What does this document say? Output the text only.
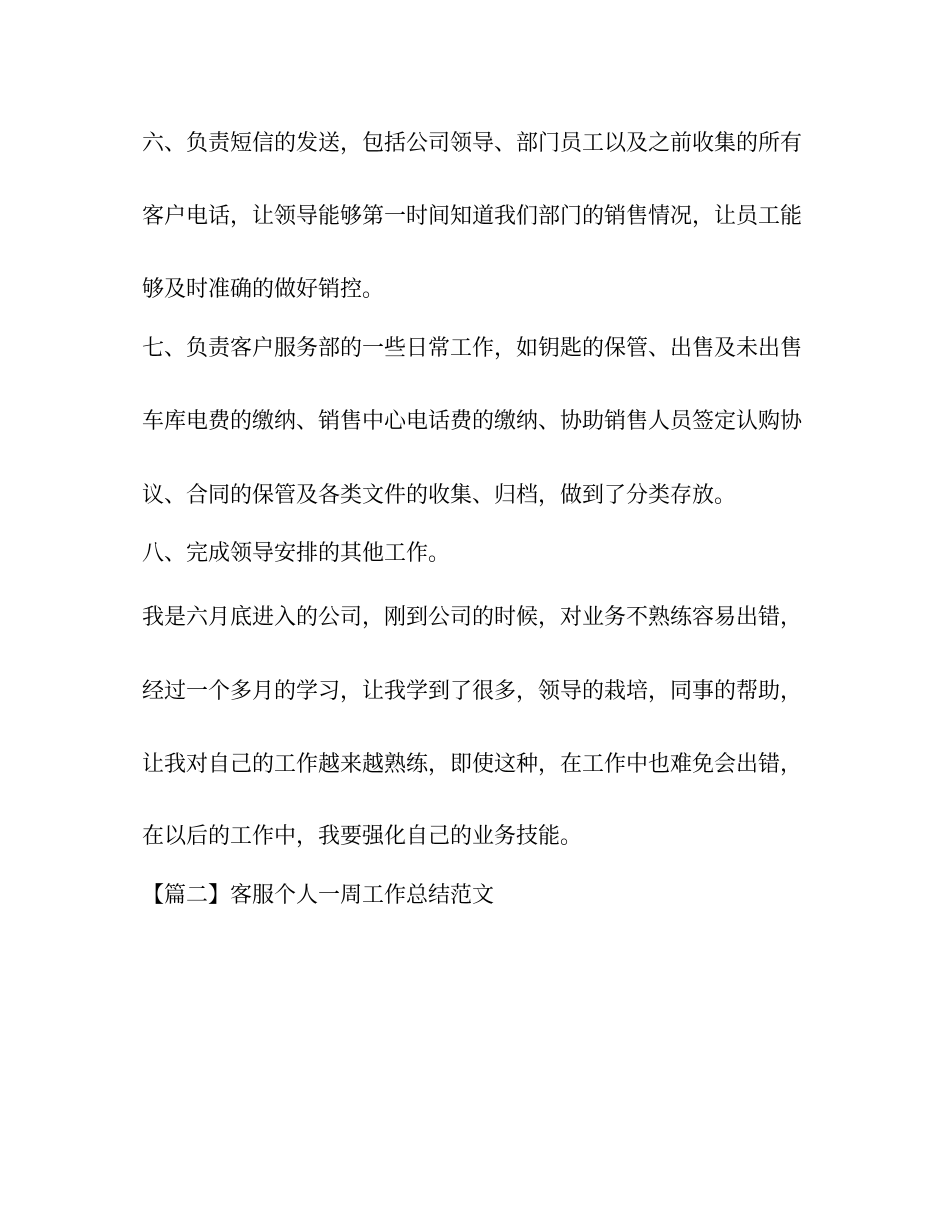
六、负责短信的发送，包括公司领导、部门员工以及之前收集的所有
客户电话，让领导能够第一时间知道我们部门的销售情况，让员工能
够及时准确的做好销控。
七、负责客户服务部的一些日常工作，如钥匙的保管、出售及未出售
车库电费的缴纳、销售中心电话费的缴纳、协助销售人员签定认购协
议、合同的保管及各类文件的收集、归档，做到了分类存放。
八、完成领导安排的其他工作。
我是六月底进入的公司，刚到公司的时候，对业务不熟练容易出错，
经过一个多月的学习，让我学到了很多，领导的栽培，同事的帮助，
让我对自己的工作越来越熟练，即使这种，在工作中也难免会出错，
在以后的工作中，我要强化自己的业务技能。
【篇二】客服个人一周工作总结范文
